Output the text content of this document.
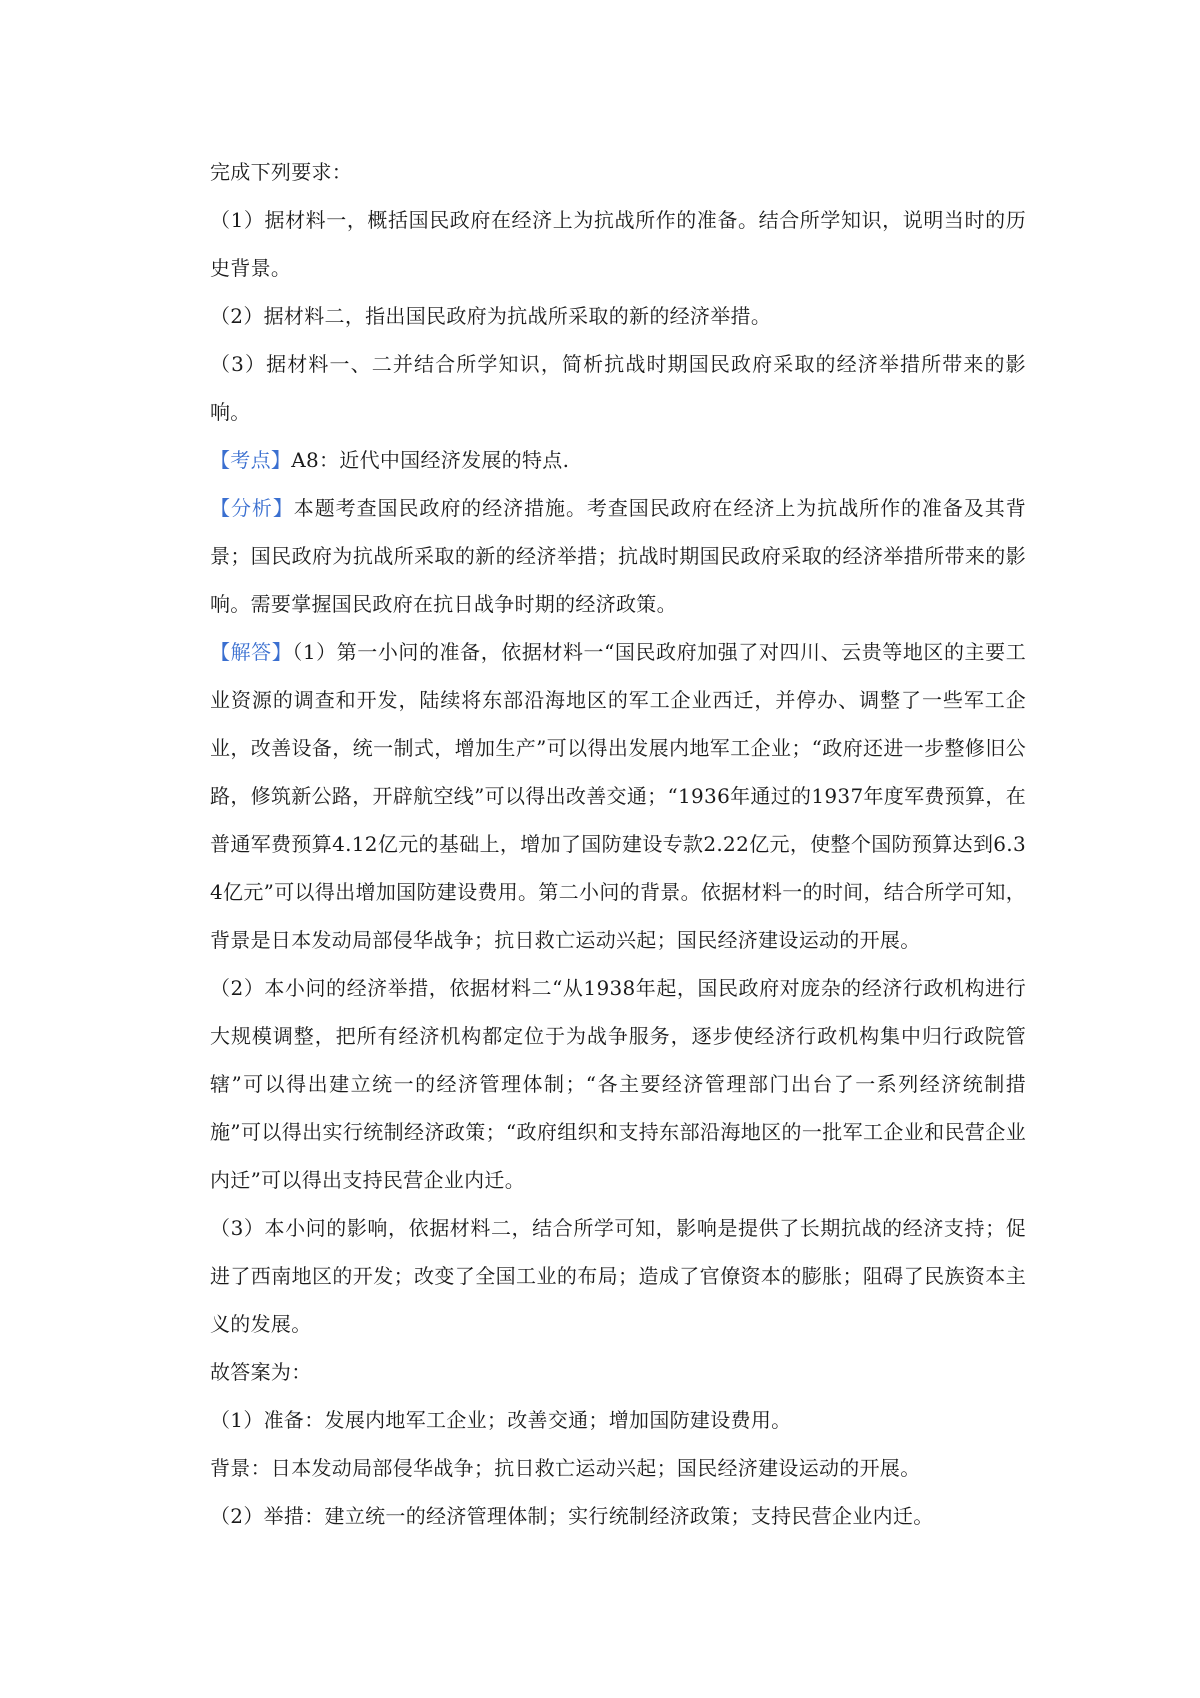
完成下列要求：

（1）据材料一，概括国民政府在经济上为抗战所作的准备。结合所学知识，说明当时的历史背景。

（2）据材料二，指出国民政府为抗战所采取的新的经济举措。

（3）据材料一、二并结合所学知识，简析抗战时期国民政府采取的经济举措所带来的影响。

【考点】A8：近代中国经济发展的特点.

【分析】本题考查国民政府的经济措施。考查国民政府在经济上为抗战所作的准备及其背景；国民政府为抗战所采取的新的经济举措；抗战时期国民政府采取的经济举措所带来的影响。需要掌握国民政府在抗日战争时期的经济政策。

【解答】（1）第一小问的准备，依据材料一“国民政府加强了对四川、云贵等地区的主要工业资源的调查和开发，陆续将东部沿海地区的军工企业西迁，并停办、调整了一些军工企业，改善设备，统一制式，增加生产”可以得出发展内地军工企业；“政府还进一步整修旧公路，修筑新公路，开辟航空线”可以得出改善交通；“1936年通过的1937年度军费预算，在普通军费预算4.12亿元的基础上，增加了国防建设专款2.22亿元，使整个国防预算达到6.34亿元”可以得出增加国防建设费用。第二小问的背景。依据材料一的时间，结合所学可知，背景是日本发动局部侵华战争；抗日救亡运动兴起；国民经济建设运动的开展。

（2）本小问的经济举措，依据材料二“从1938年起，国民政府对庞杂的经济行政机构进行大规模调整，把所有经济机构都定位于为战争服务，逐步使经济行政机构集中归行政院管辖”可以得出建立统一的经济管理体制；“各主要经济管理部门出台了一系列经济统制措施”可以得出实行统制经济政策；“政府组织和支持东部沿海地区的一批军工企业和民营企业内迁”可以得出支持民营企业内迁。

（3）本小问的影响，依据材料二，结合所学可知，影响是提供了长期抗战的经济支持；促进了西南地区的开发；改变了全国工业的布局；造成了官僚资本的膨胀；阻碍了民族资本主义的发展。

故答案为：

（1）准备：发展内地军工企业；改善交通；增加国防建设费用。

背景：日本发动局部侵华战争；抗日救亡运动兴起；国民经济建设运动的开展。

（2）举措：建立统一的经济管理体制；实行统制经济政策；支持民营企业内迁。
